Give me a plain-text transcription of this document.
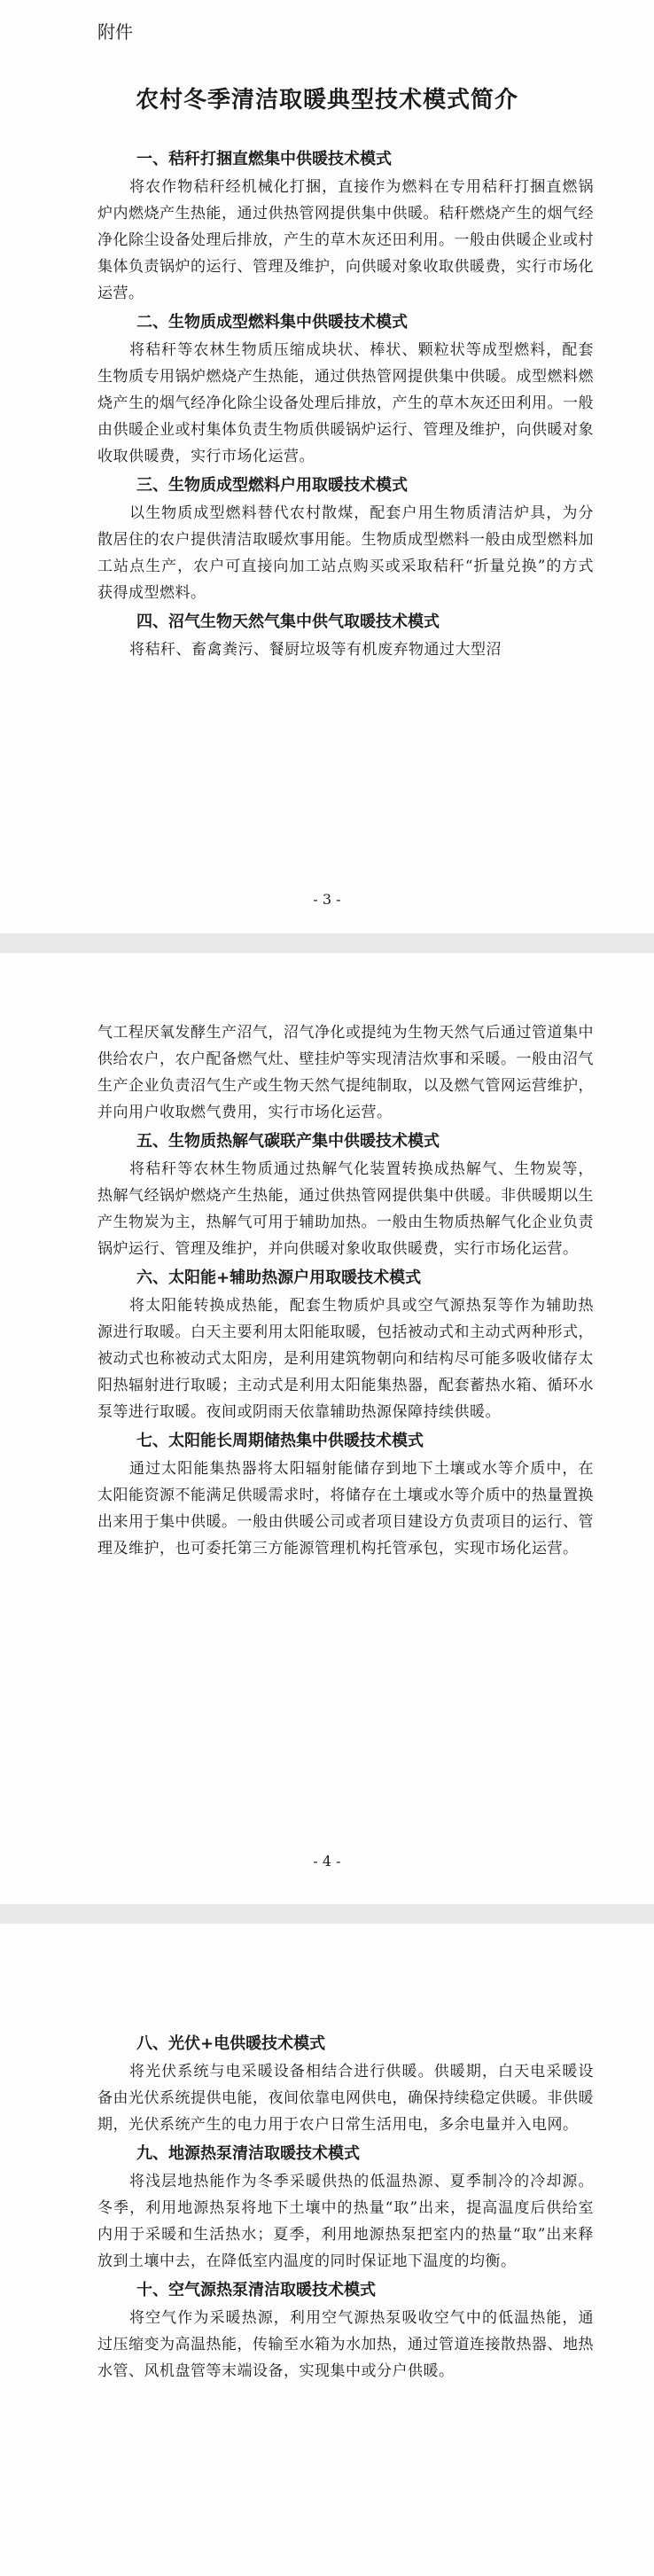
附件
农村冬季清洁取暖典型技术模式简介
一、秸秆打捆直燃集中供暖技术模式

将农作物秸秆经机械化打捆，直接作为燃料在专用秸秆打捆直燃锅炉内燃烧产生热能，通过供热管网提供集中供暖。秸秆燃烧产生的烟气经净化除尘设备处理后排放，产生的草木灰还田利用。一般由供暖企业或村集体负责锅炉的运行、管理及维护，向供暖对象收取供暖费，实行市场化运营。

二、生物质成型燃料集中供暖技术模式

将秸秆等农林生物质压缩成块状、棒状、颗粒状等成型燃料，配套生物质专用锅炉燃烧产生热能，通过供热管网提供集中供暖。成型燃料燃烧产生的烟气经净化除尘设备处理后排放，产生的草木灰还田利用。一般由供暖企业或村集体负责生物质供暖锅炉运行、管理及维护，向供暖对象收取供暖费，实行市场化运营。

三、生物质成型燃料户用取暖技术模式

以生物质成型燃料替代农村散煤，配套户用生物质清洁炉具，为分散居住的农户提供清洁取暖炊事用能。生物质成型燃料一般由成型燃料加工站点生产，农户可直接向加工站点购买或采取秸秆“折量兑换”的方式获得成型燃料。

四、沼气生物天然气集中供气取暖技术模式

将秸秆、畜禽粪污、餐厨垃圾等有机废弃物通过大型沼

- 3 -

气工程厌氧发酵生产沼气，沼气净化或提纯为生物天然气后通过管道集中供给农户，农户配备燃气灶、壁挂炉等实现清洁炊事和采暖。一般由沼气生产企业负责沼气生产或生物天然气提纯制取，以及燃气管网运营维护，并向用户收取燃气费用，实行市场化运营。

五、生物质热解气碳联产集中供暖技术模式

将秸秆等农林生物质通过热解气化装置转换成热解气、生物炭等，热解气经锅炉燃烧产生热能，通过供热管网提供集中供暖。非供暖期以生产生物炭为主，热解气可用于辅助加热。一般由生物质热解气化企业负责锅炉运行、管理及维护，并向供暖对象收取供暖费，实行市场化运营。

六、太阳能+辅助热源户用取暖技术模式

将太阳能转换成热能，配套生物质炉具或空气源热泵等作为辅助热源进行取暖。白天主要利用太阳能取暖，包括被动式和主动式两种形式，被动式也称被动式太阳房，是利用建筑物朝向和结构尽可能多吸收储存太阳热辐射进行取暖；主动式是利用太阳能集热器，配套蓄热水箱、循环水泵等进行取暖。夜间或阴雨天依靠辅助热源保障持续供暖。

七、太阳能长周期储热集中供暖技术模式

通过太阳能集热器将太阳辐射能储存到地下土壤或水等介质中，在太阳能资源不能满足供暖需求时，将储存在土壤或水等介质中的热量置换出来用于集中供暖。一般由供暖公司或者项目建设方负责项目的运行、管理及维护，也可委托第三方能源管理机构托管承包，实现市场化运营。

- 4 -
八、光伏+电供暖技术模式

将光伏系统与电采暖设备相结合进行供暖。供暖期，白天电采暖设备由光伏系统提供电能，夜间依靠电网供电，确保持续稳定供暖。非供暖期，光伏系统产生的电力用于农户日常生活用电，多余电量并入电网。

九、地源热泵清洁取暖技术模式

将浅层地热能作为冬季采暖供热的低温热源、夏季制冷的冷却源。冬季，利用地源热泵将地下土壤中的热量“取”出来，提高温度后供给室内用于采暖和生活热水；夏季，利用地源热泵把室内的热量“取”出来释放到土壤中去，在降低室内温度的同时保证地下温度的均衡。

十、空气源热泵清洁取暖技术模式

将空气作为采暖热源，利用空气源热泵吸收空气中的低温热能，通过压缩变为高温热能，传输至水箱为水加热，通过管道连接散热器、地热水管、风机盘管等末端设备，实现集中或分户供暖。
